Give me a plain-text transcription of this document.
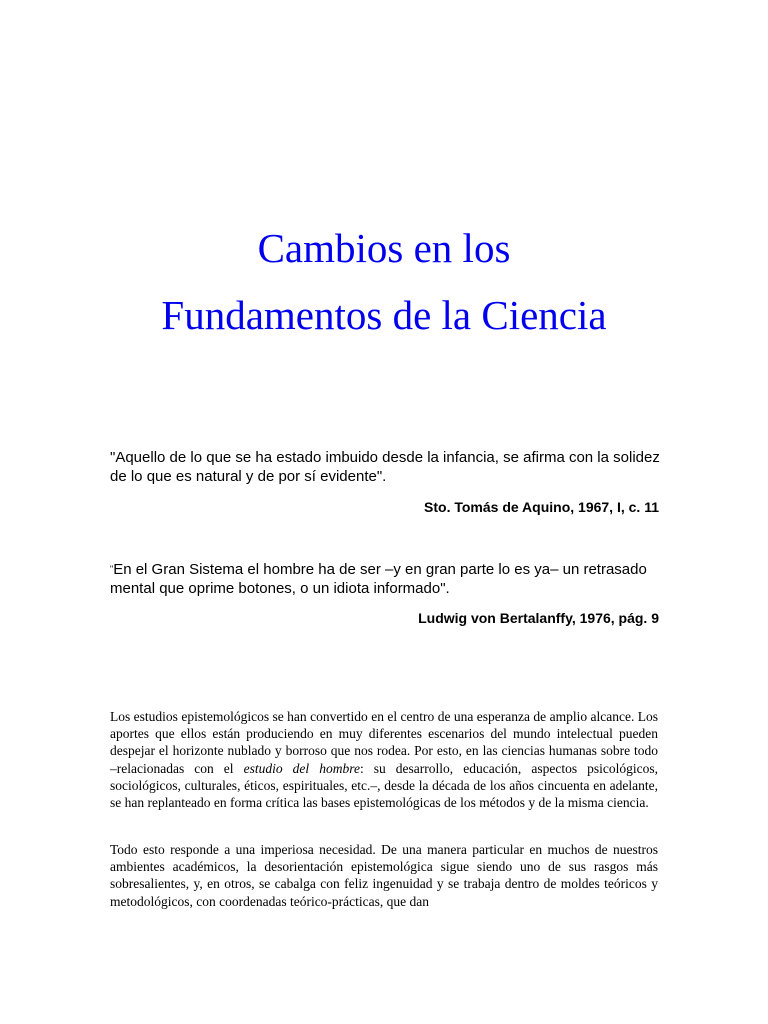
Cambios en los
Fundamentos de la Ciencia

"Aquello de lo que se ha estado imbuido desde la infancia, se afirma con la solidez de lo que es natural y de por sí evidente".

Sto. Tomás de Aquino, 1967, I, c. 11

"En el Gran Sistema el hombre ha de ser –y en gran parte lo es ya– un retrasado mental que oprime botones, o un idiota informado".

Ludwig von Bertalanffy, 1976, pág. 9

Los estudios epistemológicos se han convertido en el centro de una esperanza de amplio alcance. Los aportes que ellos están produciendo en muy diferentes escenarios del mundo intelectual pueden despejar el horizonte nublado y borroso que nos rodea. Por esto, en las ciencias humanas sobre todo –relacionadas con el estudio del hombre: su desarrollo, educación, aspectos psicológicos, sociológicos, culturales, éticos, espirituales, etc.–, desde la década de los años cincuenta en adelante, se han replanteado en forma crítica las bases epistemológicas de los métodos y de la misma ciencia.

Todo esto responde a una imperiosa necesidad. De una manera particular en muchos de nuestros ambientes académicos, la desorientación epistemológica sigue siendo uno de sus rasgos más sobresalientes, y, en otros, se cabalga con feliz ingenuidad y se trabaja dentro de moldes teóricos y metodológicos, con coordenadas teórico-prácticas, que dan
